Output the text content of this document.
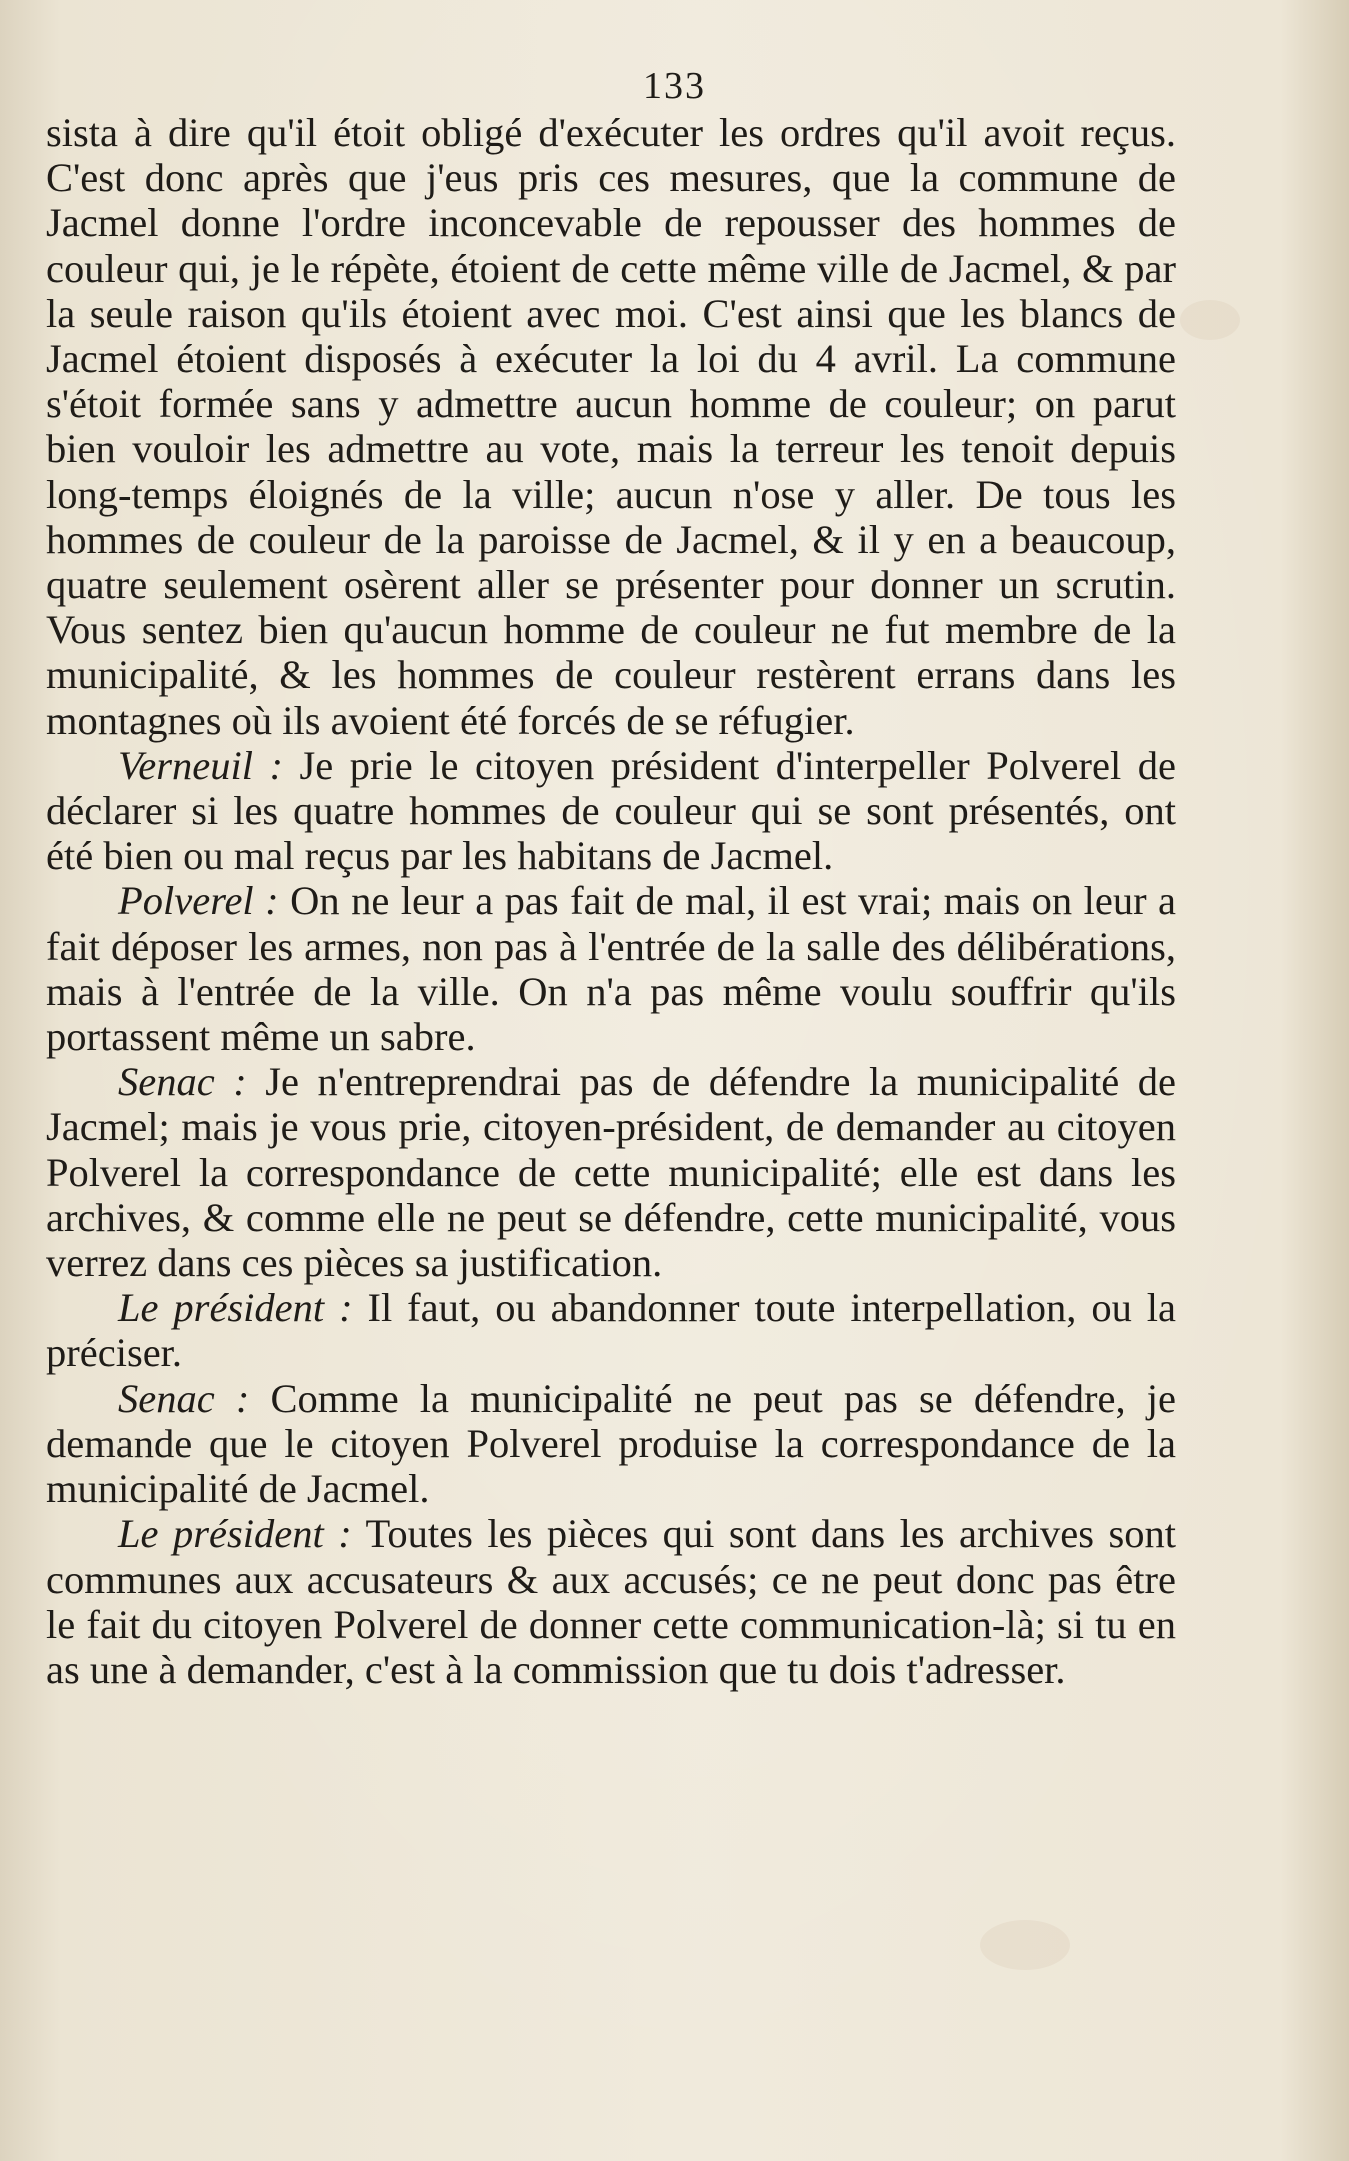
133

sista à dire qu'il étoit obligé d'exécuter les ordres qu'il avoit reçus. C'est donc après que j'eus pris ces mesures, que la commune de Jacmel donne l'ordre inconcevable de repousser des hommes de couleur qui, je le répète, étoient de cette même ville de Jacmel, & par la seule raison qu'ils étoient avec moi. C'est ainsi que les blancs de Jacmel étoient disposés à exécuter la loi du 4 avril. La commune s'étoit formée sans y admettre aucun homme de couleur; on parut bien vouloir les admettre au vote, mais la terreur les tenoit depuis long-temps éloignés de la ville; aucun n'ose y aller. De tous les hommes de couleur de la paroisse de Jacmel, & il y en a beaucoup, quatre seulement osèrent aller se présenter pour donner un scrutin. Vous sentez bien qu'aucun homme de couleur ne fut membre de la municipalité, & les hommes de couleur restèrent errans dans les montagnes où ils avoient été forcés de se réfugier.

Verneuil : Je prie le citoyen président d'interpeller Polverel de déclarer si les quatre hommes de couleur qui se sont présentés, ont été bien ou mal reçus par les habitans de Jacmel.

Polverel : On ne leur a pas fait de mal, il est vrai; mais on leur a fait déposer les armes, non pas à l'entrée de la salle des délibérations, mais à l'entrée de la ville. On n'a pas même voulu souffrir qu'ils portassent même un sabre.

Senac : Je n'entreprendrai pas de défendre la municipalité de Jacmel; mais je vous prie, citoyen-président, de demander au citoyen Polverel la correspondance de cette municipalité; elle est dans les archives, & comme elle ne peut se défendre, cette municipalité, vous verrez dans ces pièces sa justification.

Le président : Il faut, ou abandonner toute interpellation, ou la préciser.

Senac : Comme la municipalité ne peut pas se défendre, je demande que le citoyen Polverel produise la correspondance de la municipalité de Jacmel.

Le président : Toutes les pièces qui sont dans les archives sont communes aux accusateurs & aux accusés; ce ne peut donc pas être le fait du citoyen Polverel de donner cette communication-là; si tu en as une à demander, c'est à la commission que tu dois t'adresser.
